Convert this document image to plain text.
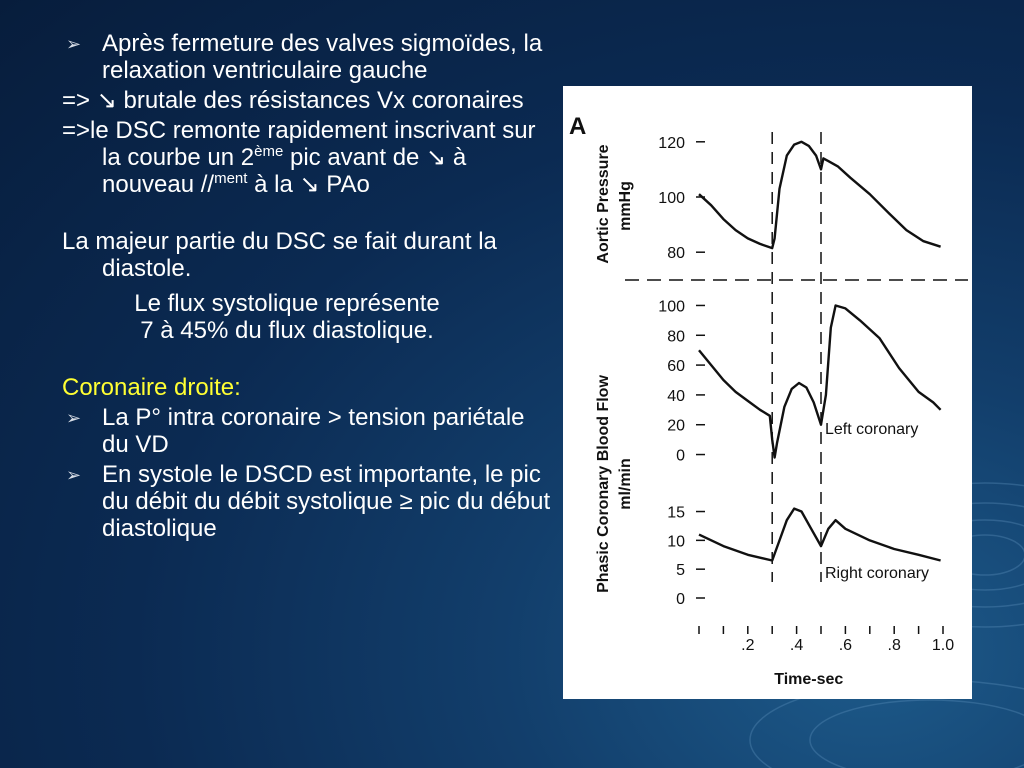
➢ Après fermeture des valves sigmoïdes, la relaxation ventriculaire gauche

=> ↘ brutale des résistances Vx coronaires

=>le DSC remonte rapidement inscrivant sur la courbe un 2ème pic avant de ↘ à nouveau //$^{ment}$ à la ↘ PAo

La majeur partie du DSC se fait durant la diastole.

Le flux systolique représente

7 à 45% du flux diastolique.

Coronaire droite:

➢ La P° intra coronaire > tension pariétale du VD

➢ En systole le DSCD est importante, le pic du débit du débit systolique ≥ pic du début diastolique

A
120
100
80
100
80
60
40
20
0
Left coronary
15
10
5
0
Right coronary
Aortic Pressure mmHg
Phasic Coronary Blood Flow ml/min
.2 .4 .6 .8 1.0
Time-sec
